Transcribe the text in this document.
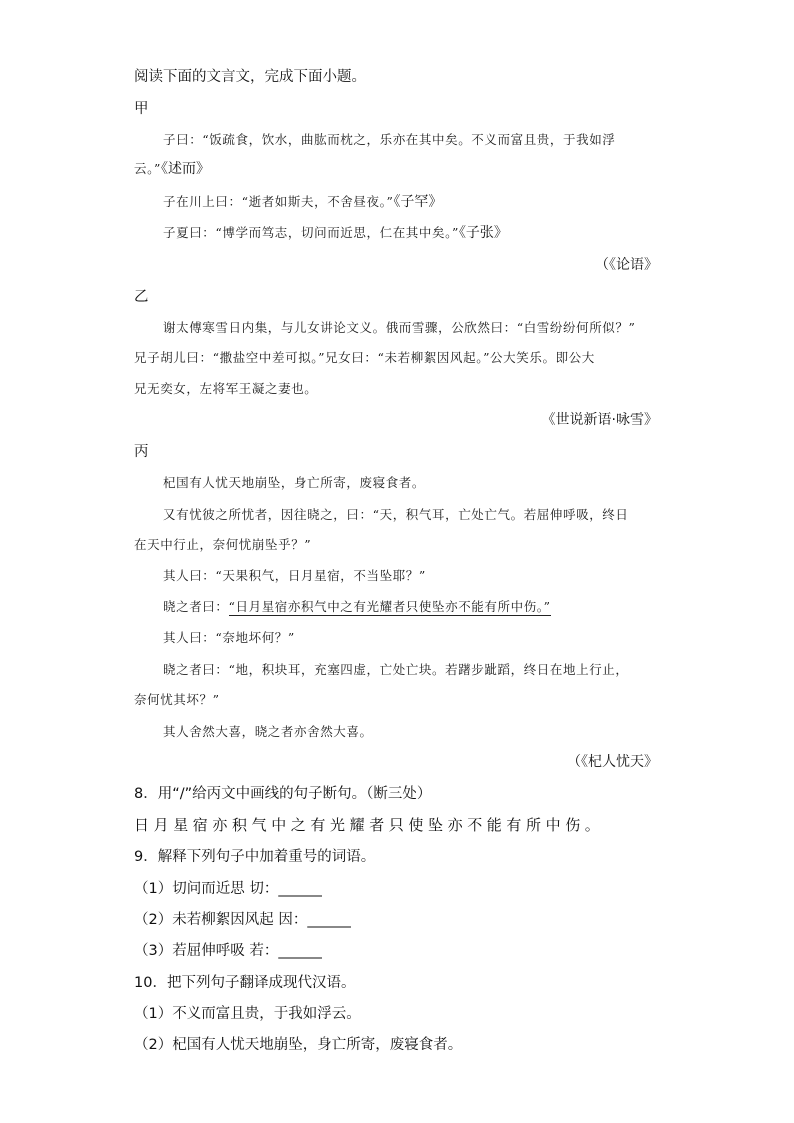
阅读下面的文言文，完成下面小题。
甲
子曰：“饭疏食，饮水，曲肱而枕之，乐亦在其中矣。不义而富且贵，于我如浮
云。”《述而》
子在川上曰：“逝者如斯夫，不舍昼夜。”《子罕》
子夏曰：“博学而笃志，切问而近思，仁在其中矣。”《子张》
（《论语》
乙
谢太傅寒雪日内集，与儿女讲论文义。俄而雪骤，公欣然曰：“白雪纷纷何所似？”
兄子胡儿曰：“撒盐空中差可拟。”兄女曰：“未若柳絮因风起。”公大笑乐。即公大
兄无奕女，左将军王凝之妻也。
《世说新语·咏雪》
丙
杞国有人忧天地崩坠，身亡所寄，废寝食者。
又有忧彼之所忧者，因往晓之，曰：“天，积气耳，亡处亡气。若屈伸呼吸，终日
在天中行止，奈何忧崩坠乎？”
其人曰：“天果积气，日月星宿，不当坠耶？”
晓之者曰：“日月星宿亦积气中之有光耀者只使坠亦不能有所中伤。”
其人曰：“奈地坏何？”
晓之者曰：“地，积块耳，充塞四虚，亡处亡块。若躇步跐蹈，终日在地上行止，
奈何忧其坏？”
其人舍然大喜，晓之者亦舍然大喜。
（《杞人忧天》
8．用“/”给丙文中画线的句子断句。（断三处）
日月星宿亦积气中之有光耀者只使坠亦不能有所中伤。
9．解释下列句子中加着重号的词语。
（1）切问而近思 切：______
（2）未若柳絮因风起 因：______
（3）若屈伸呼吸 若：______
10．把下列句子翻译成现代汉语。
（1）不义而富且贵，于我如浮云。
（2）杞国有人忧天地崩坠，身亡所寄，废寝食者。
